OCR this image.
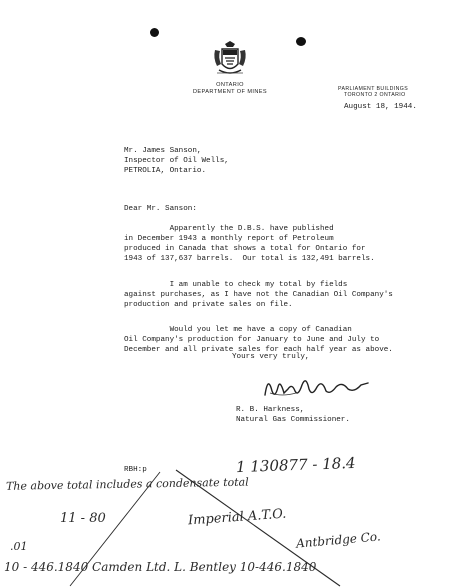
ONTARIO
DEPARTMENT OF MINES	PARLIAMENT BUILDINGS
TORONTO 2 ONTARIO
August 18, 1944.
Mr. James Sanson,
Inspector of Oil Wells,
PETROLIA, Ontario.
Dear Mr. Sanson:
Apparently the D.B.S. have published
in December 1943 a monthly report of Petroleum
produced in Canada that shows a total for Ontario for
1943 of 137,637 barrels.  Our total is 132,491 barrels.
I am unable to check my total by fields
against purchases, as I have not the Canadian Oil Company's
production and private sales on file.
Would you let me have a copy of Canadian
Oil Company's production for January to June and July to
December and all private sales for each half year as above.
Yours very truly,
R. B. Harkness,
Natural Gas Commissioner.
RBH:p	1 130877 - 18.4
The above total includes a condensate total
11 - 80	Imperial A.T.O.
Antbridge Co.
.01
10 - 446.1840 Camden Ltd. L. Bentley 10-446.1840
